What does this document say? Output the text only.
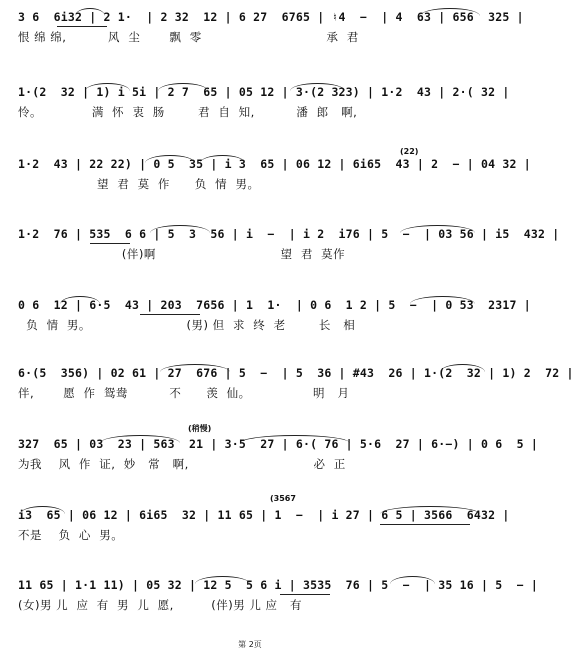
3 6  6i32 | 2 1·  | 2 32  12 | 6 27  6765 | ♮4  −  | 4  63 | 656  325 |
恨 绵 绵,          风  尘       飘  零                              承  君
1·(2  32 | 1) i 5i | 2 7  65 | 05 12 | 3·(2 323) | 1·2  43 | 2·( 32 |
怜。            满  怀  衷  肠        君  自  知,          潘  郎   啊,
1·2  43 | 22 22) | 0 5  35 | i 3  65 | 06 12 | 6i65  43 | 2  − | 04 32 |
望  君  莫  作      负  情  男。
(22)
1·2  76 | 535  6 6 | 5  3  56 | i  −  | i 2  i76 | 5  −  | 03 56 | i5  432 |
(伴)啊                              望  君  莫作
0 6  12 | 6·5  43 | 203  7656 | 1  1·  | 0 6  1 2 | 5  −  | 0 53  2317 |
负  情  男。                       (男) 但  求  终  老        长   相
6·(5  356) | 02 61 | 27  676 | 5  −  | 5  36 | #43  26 | 1·(2  32 | 1) 2  72 |
伴,       愿  作  鸳鸯          不      羡  仙。               明   月
327  65 | 03  23 | 563  21 | 3·5  27 | 6·( 76 | 5·6  27 | 6·−) | 0 6  5 |
为我    风  作  证,  妙   常   啊,                              必  正
(稍慢)
i3  65 | 06 12 | 6i65  32 | 11 65 | 1  −  | i 27 | 6 5 | 3566  6432 |
不是    负  心  男。
(3567
11 65 | 1·1 11) | 05 32 | 12 5  5 6 i | 3535  76 | 5  −  | 35 16 | 5  − |
(女)男 儿  应  有  男  儿  愿,         (伴)男 儿 应   有
第 2页
